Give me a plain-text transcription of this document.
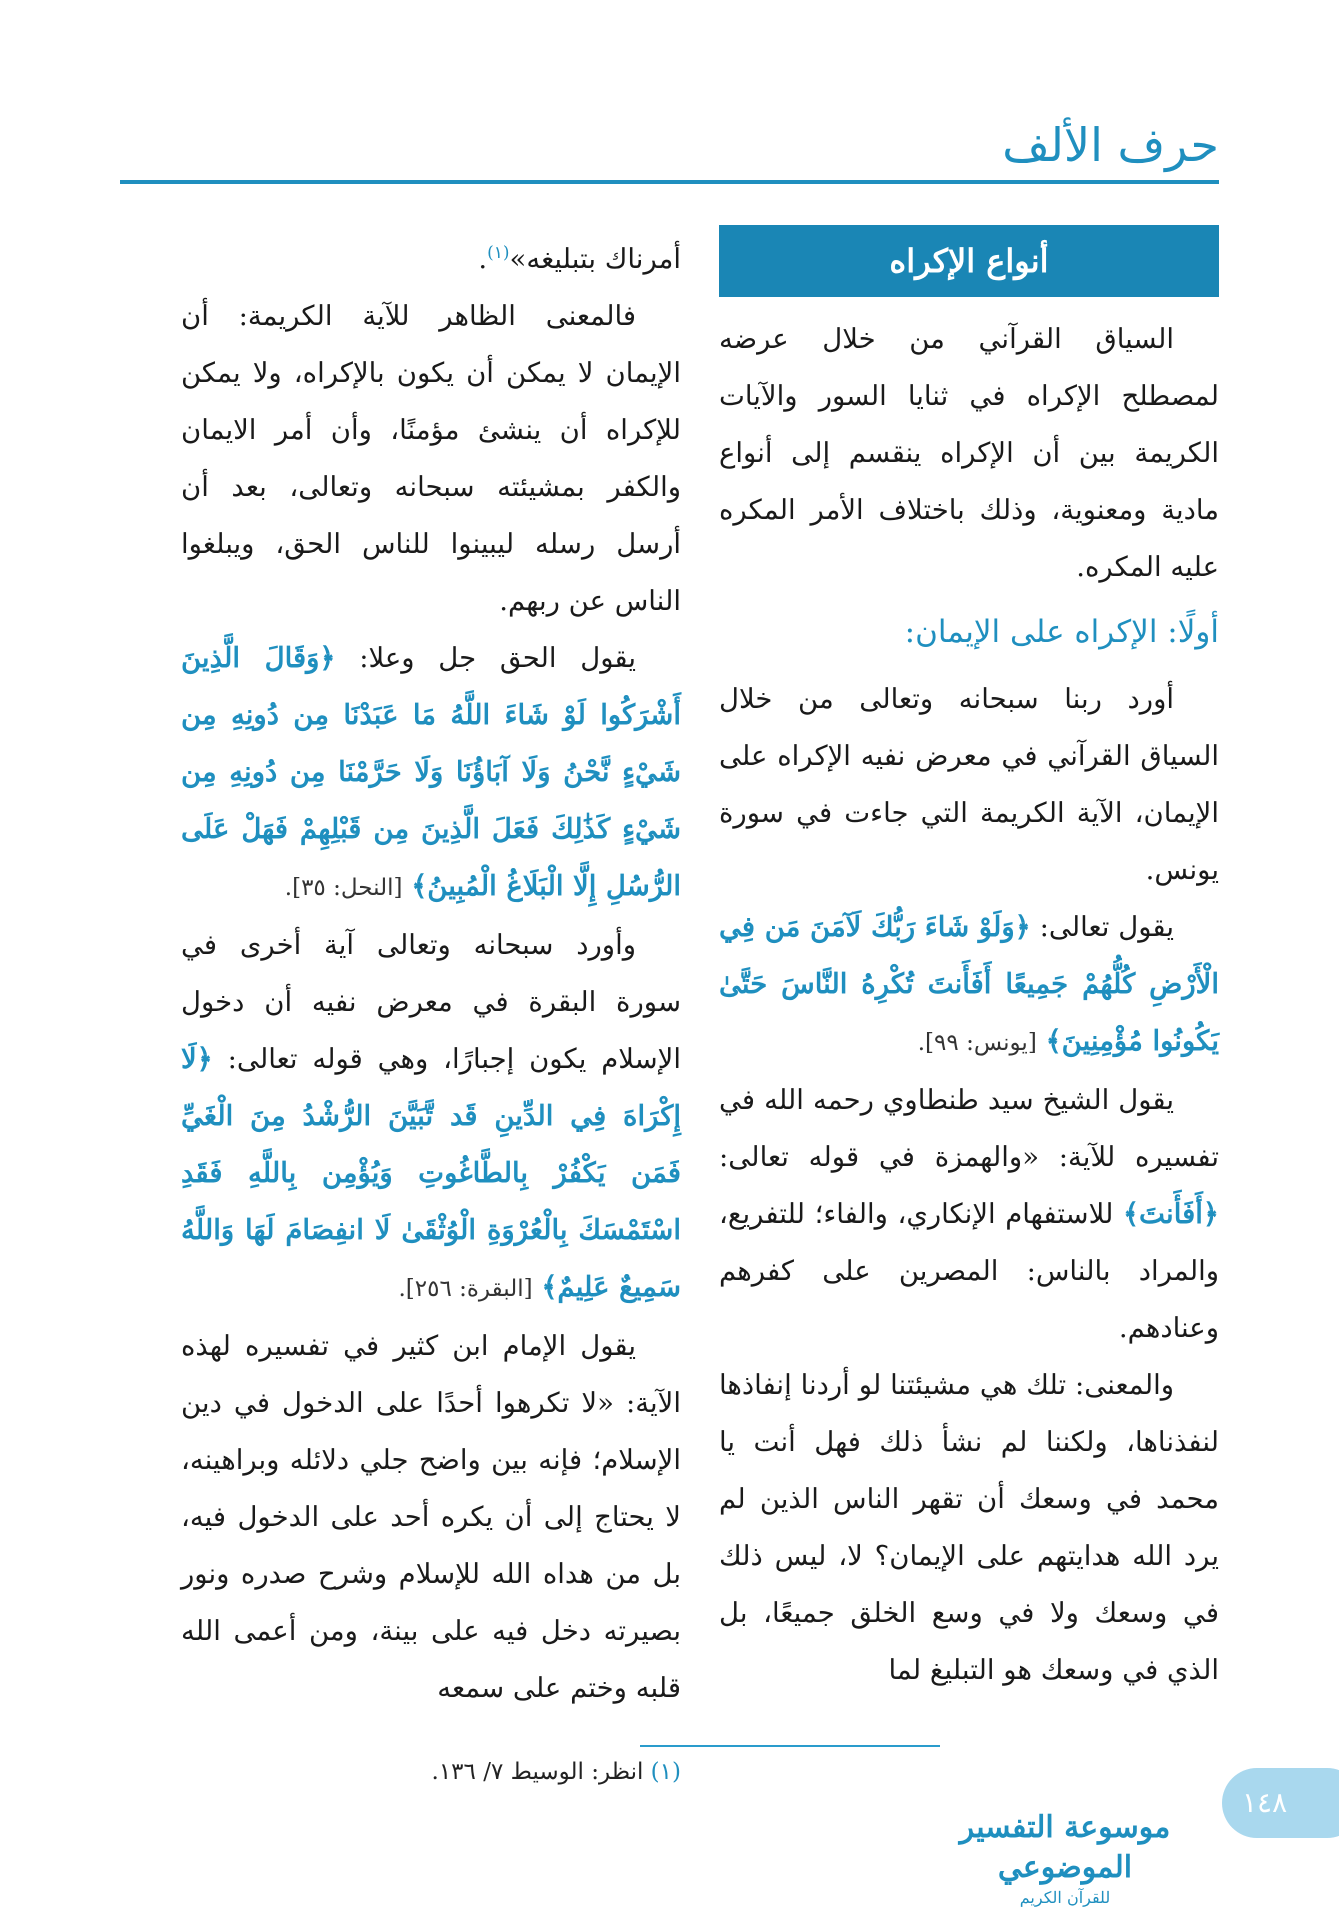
حرف الألف
أنواع الإكراه

السياق القرآني من خلال عرضه لمصطلح الإكراه في ثنايا السور والآيات الكريمة بين أن الإكراه ينقسم إلى أنواع مادية ومعنوية، وذلك باختلاف الأمر المكره عليه المكره.

أولًا: الإكراه على الإيمان:

أورد ربنا سبحانه وتعالى من خلال السياق القرآني في معرض نفيه الإكراه على الإيمان، الآية الكريمة التي جاءت في سورة يونس.

يقول تعالى: ﴿وَلَوْ شَاءَ رَبُّكَ لَآمَنَ مَن فِي الْأَرْضِ كُلُّهُمْ جَمِيعًا أَفَأَنتَ تُكْرِهُ النَّاسَ حَتَّىٰ يَكُونُوا مُؤْمِنِينَ﴾ [يونس: ٩٩].

يقول الشيخ سيد طنطاوي رحمه الله في تفسيره للآية: «والهمزة في قوله تعالى: ﴿أَفَأَنتَ﴾ للاستفهام الإنكاري، والفاء؛ للتفريع، والمراد بالناس: المصرين على كفرهم وعنادهم.

والمعنى: تلك هي مشيئتنا لو أردنا إنفاذها لنفذناها، ولكننا لم نشأ ذلك فهل أنت يا محمد في وسعك أن تقهر الناس الذين لم يرد الله هدايتهم على الإيمان؟ لا، ليس ذلك في وسعك ولا في وسع الخلق جميعًا، بل الذي في وسعك هو التبليغ لما

أمرناك بتبليغه»$^{(١)}$.

فالمعنى الظاهر للآية الكريمة: أن الإيمان لا يمكن أن يكون بالإكراه، ولا يمكن للإكراه أن ينشئ مؤمنًا، وأن أمر الايمان والكفر بمشيئته سبحانه وتعالى، بعد أن أرسل رسله ليبينوا للناس الحق، ويبلغوا الناس عن ربهم.

يقول الحق جل وعلا: ﴿وَقَالَ الَّذِينَ أَشْرَكُوا لَوْ شَاءَ اللَّهُ مَا عَبَدْنَا مِن دُونِهِ مِن شَيْءٍ نَّحْنُ وَلَا آبَاؤُنَا وَلَا حَرَّمْنَا مِن دُونِهِ مِن شَيْءٍ كَذَٰلِكَ فَعَلَ الَّذِينَ مِن قَبْلِهِمْ فَهَلْ عَلَى الرُّسُلِ إِلَّا الْبَلَاغُ الْمُبِينُ﴾ [النحل: ٣٥].

وأورد سبحانه وتعالى آية أخرى في سورة البقرة في معرض نفيه أن دخول الإسلام يكون إجبارًا، وهي قوله تعالى: ﴿لَا إِكْرَاهَ فِي الدِّينِ قَد تَّبَيَّنَ الرُّشْدُ مِنَ الْغَيِّ فَمَن يَكْفُرْ بِالطَّاغُوتِ وَيُؤْمِن بِاللَّهِ فَقَدِ اسْتَمْسَكَ بِالْعُرْوَةِ الْوُثْقَىٰ لَا انفِصَامَ لَهَا وَاللَّهُ سَمِيعٌ عَلِيمٌ﴾ [البقرة: ٢٥٦].

يقول الإمام ابن كثير في تفسيره لهذه الآية: «لا تكرهوا أحدًا على الدخول في دين الإسلام؛ فإنه بين واضح جلي دلائله وبراهينه، لا يحتاج إلى أن يكره أحد على الدخول فيه، بل من هداه الله للإسلام وشرح صدره ونور بصيرته دخل فيه على بينة، ومن أعمى الله قلبه وختم على سمعه

(١) انظر: الوسيط ٧/ ١٣٦.
موسوعة التفسير الموضوعي
للقرآن الكريم
١٤٨
